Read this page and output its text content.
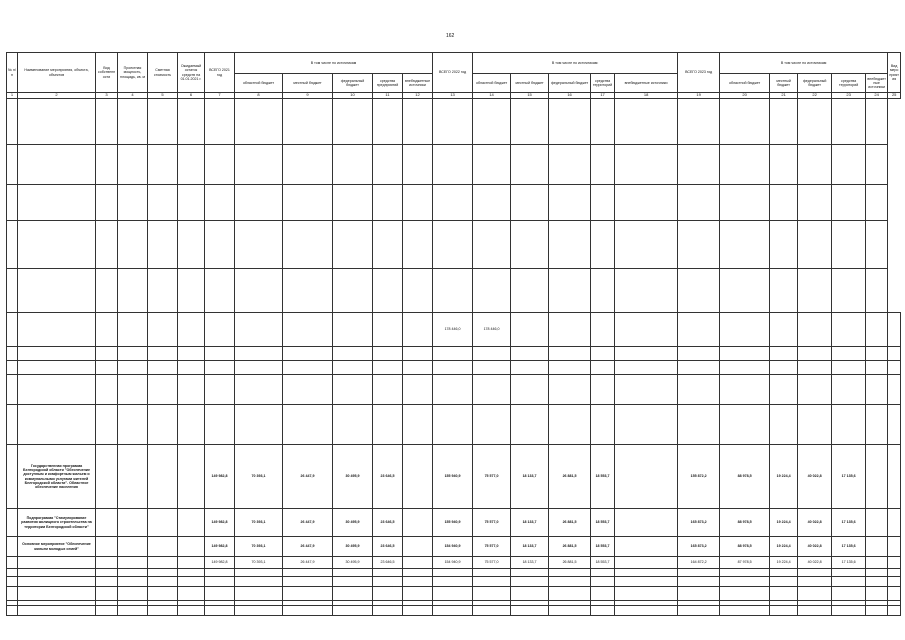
162
№ п/п	Наименование мероприятия, объекта, объектов	Вид собственности	Проектная мощность, площадь, кв. м	Сметная стоимость	Ожидаемый остаток средств на 01.01.2021 г.	ВСЕГО 2021 год	В том числе по источникам					ВСЕГО 2022 год	В том числе по источникам:					ВСЕГО 2023 год	В том числе по источникам					Вид мероприятия
							областной бюджет	местный бюджет	федеральный бюджет	средства предприятий	внебюджетные источники		областной бюджет	местный бюджет	федеральный бюджет	средства территорий	внебюджетные источники		областной бюджет	местный бюджет	федеральный бюджет	средства территорий	внебюджетные источники	
1	2	3	4	5	6	7	8	9	10	11	12	13	14	15	16	17	18	19	20	21	22	23	24	25

												178 446,0	178 446,0											

	Государственная программа Белгородской области "Обеспечение доступным и комфортным жильем и коммунальными услугами жителей Белгородской области". Областное обеспечение населения					149 982,8	70 393,1	26 447,9	30 495,9	23 646,5		155 940,9	75 577,0	18 133,7	26 881,5	18 553,7		155 872,2	88 978,5	19 224,4	40 022,8	17 135,6		
	Подпрограмма "Стимулирование развития жилищного строительства на территории Белгородской области"					149 982,8	70 393,1	26 447,9	30 495,9	23 646,5		155 940,9	75 577,0	18 133,7	26 881,5	18 553,7		165 873,2	88 978,5	19 224,4	40 022,8	17 135,6		
	Основное мероприятие "Обеспечение жильем молодых семей"					149 982,8	70 393,1	26 447,9	30 495,9	23 646,5		154 940,9	75 577,0	18 133,7	26 881,5	18 553,7		165 873,2	88 978,5	19 224,4	40 022,8	17 135,6		
						149 982,8	70 393,1	26 447,9	30 495,9	23 646,5		154 940,9	75 577,0	18 133,7	26 881,5	18 553,7		164 872,2	87 978,5	19 224,4	40 022,8	17 135,6		
